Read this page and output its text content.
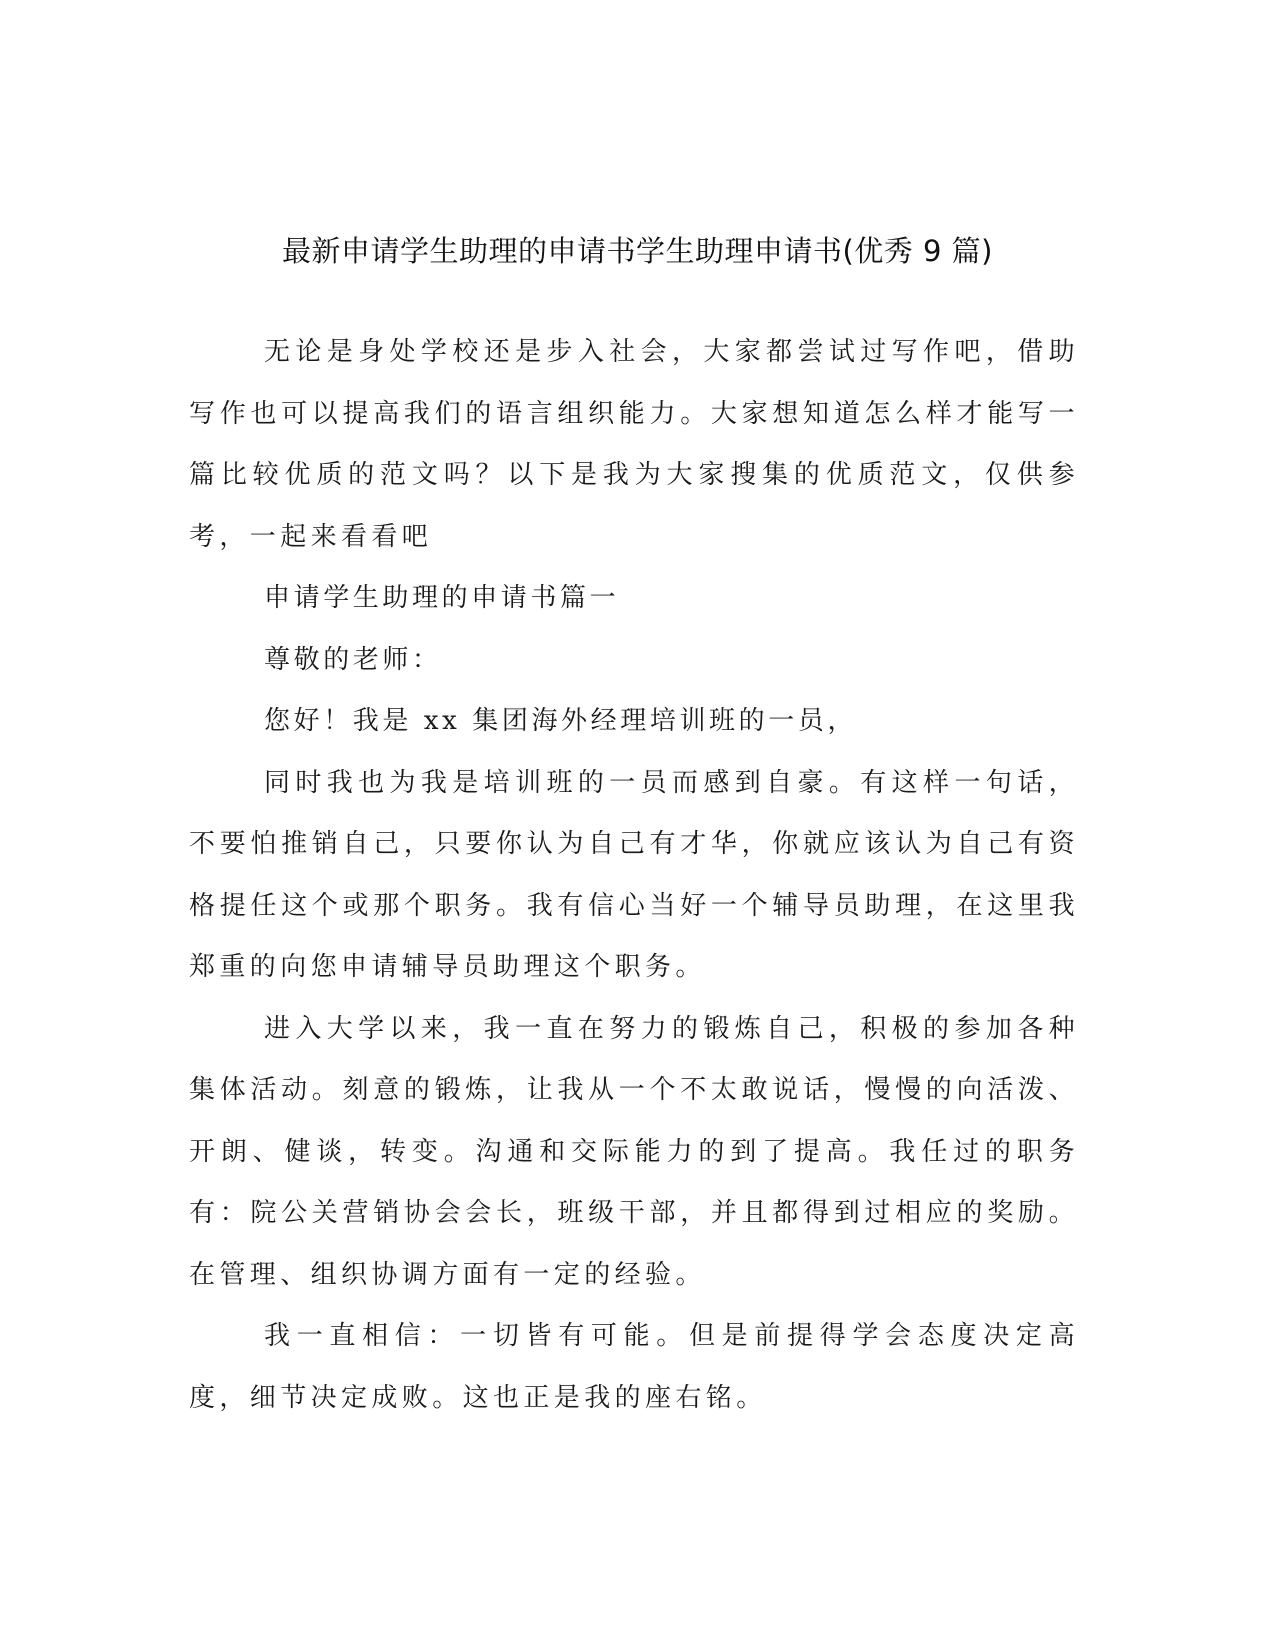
最新申请学生助理的申请书学生助理申请书(优秀 9 篇)

无论是身处学校还是步入社会，大家都尝试过写作吧，借助写作也可以提高我们的语言组织能力。大家想知道怎么样才能写一篇比较优质的范文吗？以下是我为大家搜集的优质范文，仅供参考，一起来看看吧

申请学生助理的申请书篇一

尊敬的老师：

您好！我是 xx 集团海外经理培训班的一员，

同时我也为我是培训班的一员而感到自豪。有这样一句话，不要怕推销自己，只要你认为自己有才华，你就应该认为自己有资格提任这个或那个职务。我有信心当好一个辅导员助理，在这里我郑重的向您申请辅导员助理这个职务。

进入大学以来，我一直在努力的锻炼自己，积极的参加各种集体活动。刻意的锻炼，让我从一个不太敢说话，慢慢的向活泼、开朗、健谈，转变。沟通和交际能力的到了提高。我任过的职务有：院公关营销协会会长，班级干部，并且都得到过相应的奖励。在管理、组织协调方面有一定的经验。

我一直相信：一切皆有可能。但是前提得学会态度决定高度，细节决定成败。这也正是我的座右铭。
